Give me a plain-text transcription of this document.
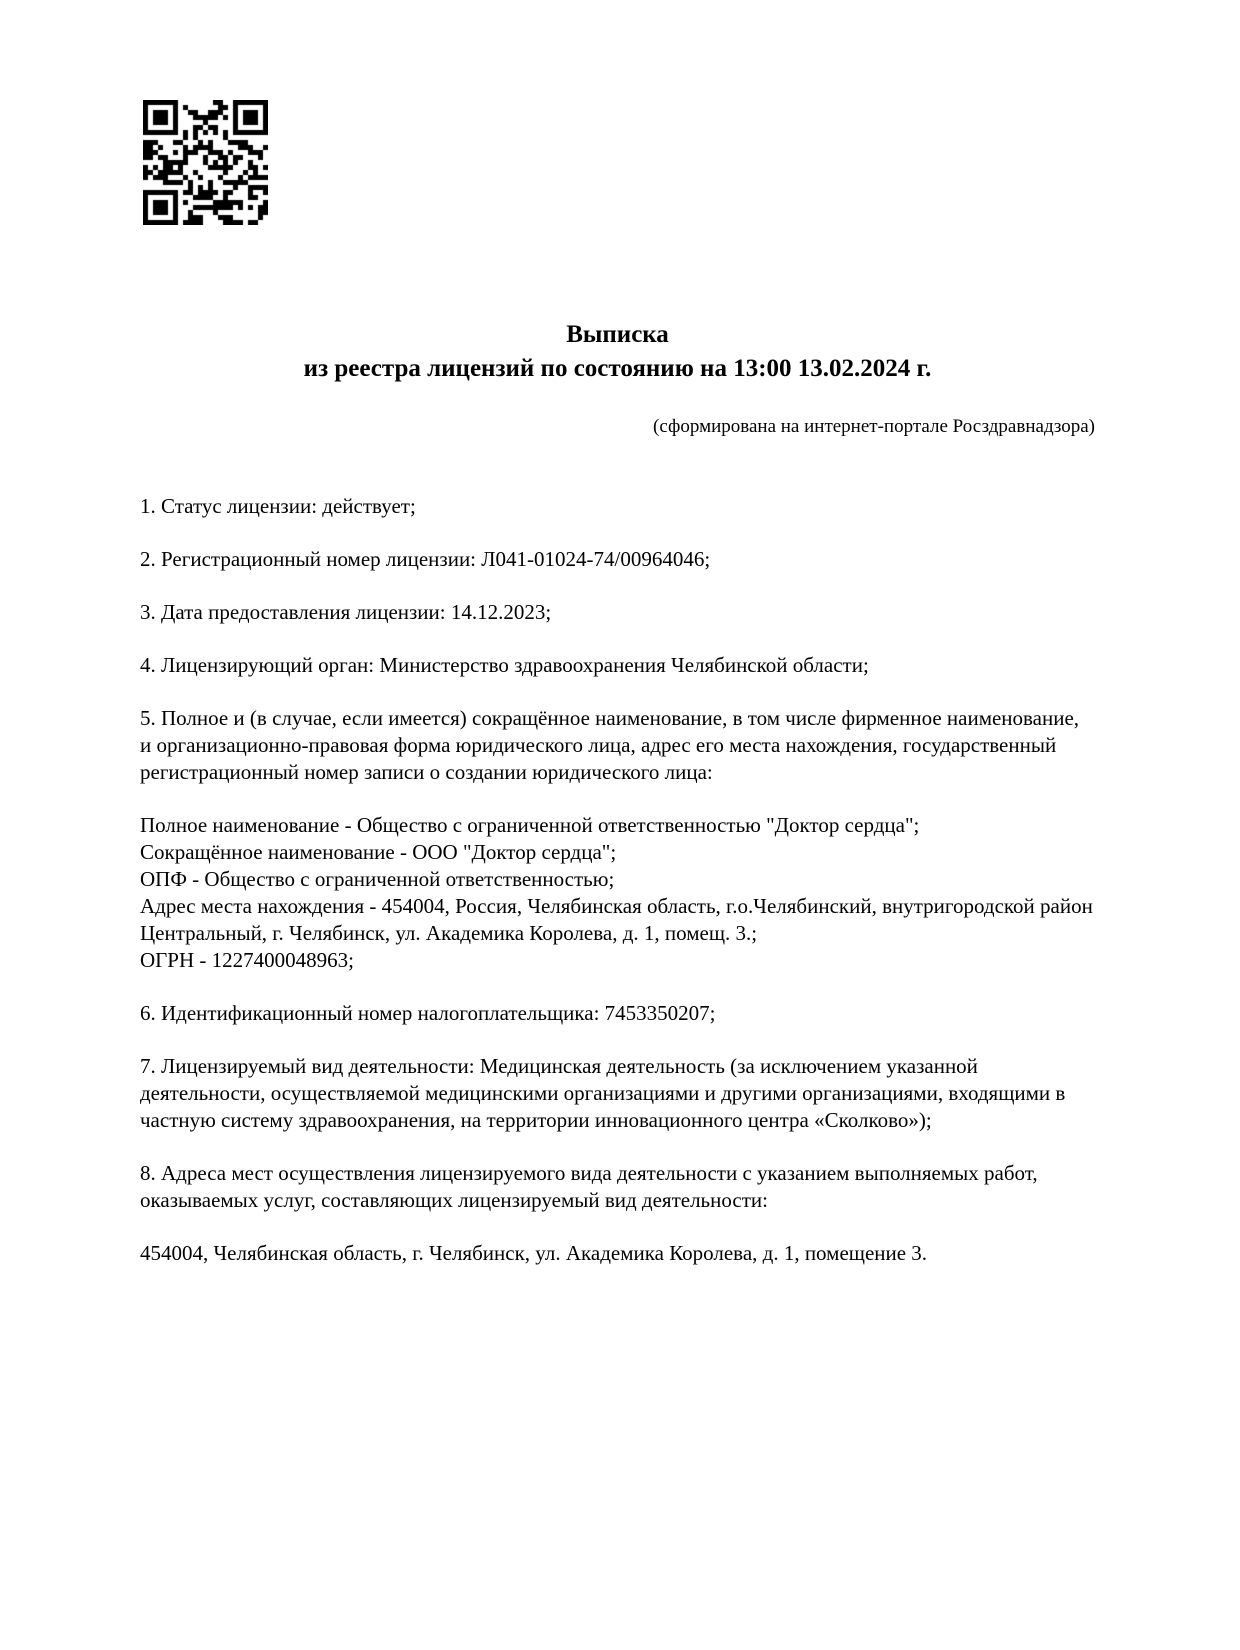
Выписка
из реестра лицензий по состоянию на 13:00 13.02.2024 г.
(сформирована на интернет-портале Росздравнадзора)

1. Статус лицензии: действует;

2. Регистрационный номер лицензии: Л041-01024-74/00964046;

3. Дата предоставления лицензии: 14.12.2023;

4. Лицензирующий орган: Министерство здравоохранения Челябинской области;

5. Полное и (в случае, если имеется) сокращённое наименование, в том числе фирменное наименование, и организационно-правовая форма юридического лица, адрес его места нахождения, государственный регистрационный номер записи о создании юридического лица:

Полное наименование - Общество с ограниченной ответственностью "Доктор сердца";
Сокращённое наименование - ООО "Доктор сердца";
ОПФ - Общество с ограниченной ответственностью;
Адрес места нахождения - 454004, Россия, Челябинская область, г.о.Челябинский, внутригородской район Центральный, г. Челябинск, ул. Академика Королева, д. 1, помещ. 3.;
ОГРН - 1227400048963;

6. Идентификационный номер налогоплательщика: 7453350207;

7. Лицензируемый вид деятельности: Медицинская деятельность (за исключением указанной деятельности, осуществляемой медицинскими организациями и другими организациями, входящими в частную систему здравоохранения, на территории инновационного центра «Сколково»);

8. Адреса мест осуществления лицензируемого вида деятельности с указанием выполняемых работ, оказываемых услуг, составляющих лицензируемый вид деятельности:

454004, Челябинская область, г. Челябинск, ул. Академика Королева, д. 1, помещение 3.
